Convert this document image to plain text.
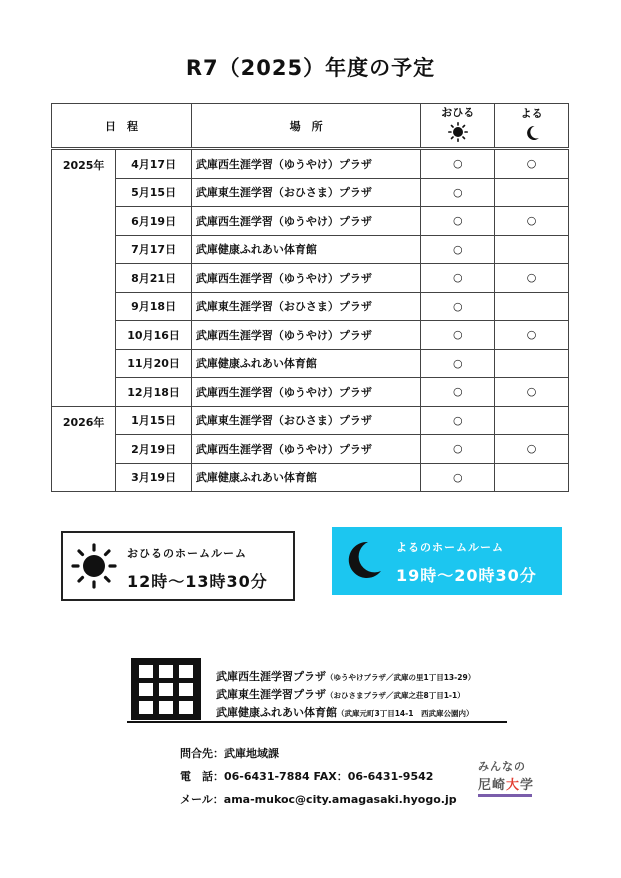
R7（2025）年度の予定
日　程		場　所	おひる	よる

2025年	4月17日	武庫西生涯学習（ゆうやけ）プラザ	○	○
	5月15日	武庫東生涯学習（おひさま）プラザ	○	
	6月19日	武庫西生涯学習（ゆうやけ）プラザ	○	○
	7月17日	武庫健康ふれあい体育館	○	
	8月21日	武庫西生涯学習（ゆうやけ）プラザ	○	○
	9月18日	武庫東生涯学習（おひさま）プラザ	○	
	10月16日	武庫西生涯学習（ゆうやけ）プラザ	○	○
	11月20日	武庫健康ふれあい体育館	○	
	12月18日	武庫西生涯学習（ゆうやけ）プラザ	○	○

2026年	1月15日	武庫東生涯学習（おひさま）プラザ	○	
	2月19日	武庫西生涯学習（ゆうやけ）プラザ	○	○
	3月19日	武庫健康ふれあい体育館	○	
おひるのホームルーム
12時～13時30分
よるのホームルーム
19時～20時30分
武庫西生涯学習プラザ（ゆうやけプラザ／武庫の里1丁目13-29）
武庫東生涯学習プラザ（おひさまプラザ／武庫之荘8丁目1-1）
武庫健康ふれあい体育館（武庫元町3丁目14-1　西武庫公園内）
問合先：武庫地域課
電　話：06-6431-7884 FAX：06-6431-9542
メール：ama-mukoc@city.amagasaki.hyogo.jp
みんなの
尼崎大学
